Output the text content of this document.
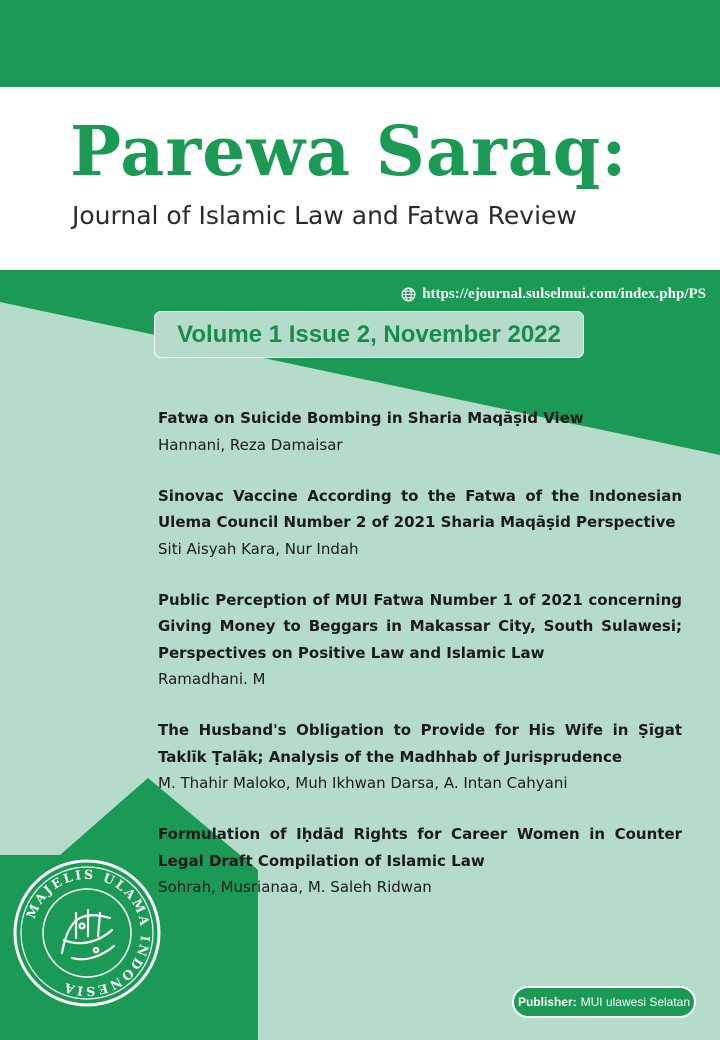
Parewa Saraq:
Journal of Islamic Law and Fatwa Review
https://ejournal.sulselmui.com/index.php/PS
Volume 1 Issue 2, November 2022
Fatwa on Suicide Bombing in Sharia Maqāṣid View
Hannani, Reza Damaisar
Sinovac Vaccine According to the Fatwa of the Indonesian Ulema Council Number 2 of 2021 Sharia Maqāṣid Perspective
Siti Aisyah Kara, Nur Indah
Public Perception of MUI Fatwa Number 1 of 2021 concerning Giving Money to Beggars in Makassar City, South Sulawesi; Perspectives on Positive Law and Islamic Law
Ramadhani. M
The Husband's Obligation to Provide for His Wife in Ṣīgat Taklīk Ṭalāk; Analysis of the Madhhab of Jurisprudence
M. Thahir Maloko, Muh Ikhwan Darsa, A. Intan Cahyani
Formulation of Iḥdād Rights for Career Women in Counter Legal Draft Compilation of Islamic Law
Sohrah, Musrianaa, M. Saleh Ridwan
MAJELIS ULAMA INDONESIA
Publisher: MUI ulawesi Selatan
